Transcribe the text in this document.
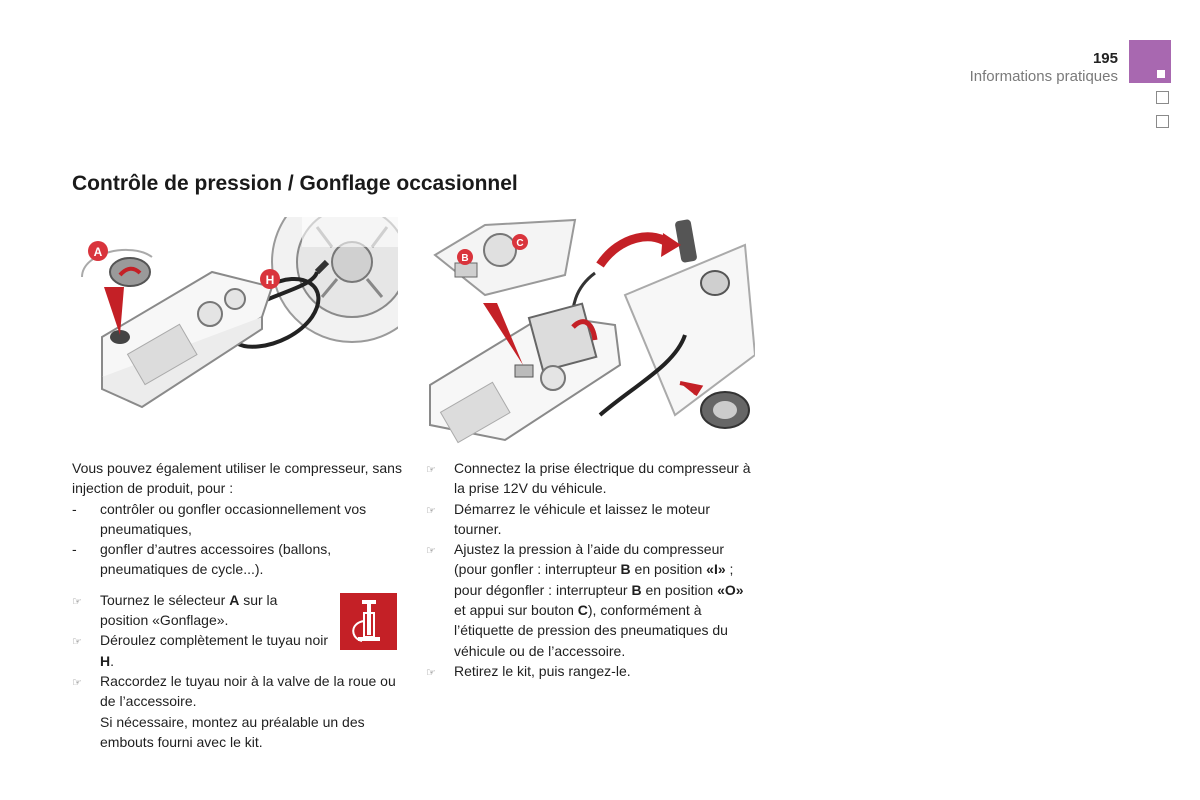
195
Informations pratiques
Contrôle de pression / Gonflage occasionnel
A
H
B
C
Vous pouvez également utiliser le compresseur, sans injection de produit, pour :
-	contrôler ou gonfler occasionnellement vos pneumatiques,
-	gonfler d’autres accessoires (ballons, pneumatiques de cycle...).
☞	Tournez le sélecteur A sur la position «Gonflage».
☞	Déroulez complètement le tuyau noir H.
☞	Raccordez le tuyau noir à la valve de la roue ou de l’accessoire.
Si nécessaire, montez au préalable un des embouts fourni avec le kit.
☞	Connectez la prise électrique du compresseur à la prise 12V du véhicule.
☞	Démarrez le véhicule et laissez le moteur tourner.
☞	Ajustez la pression à l’aide du compresseur (pour gonfler : interrupteur B en position «I» ; pour dégonfler : interrupteur B en position «O» et appui sur bouton C), conformément à l’étiquette de pression des pneumatiques du véhicule ou de l’accessoire.
☞	Retirez le kit, puis rangez-le.
